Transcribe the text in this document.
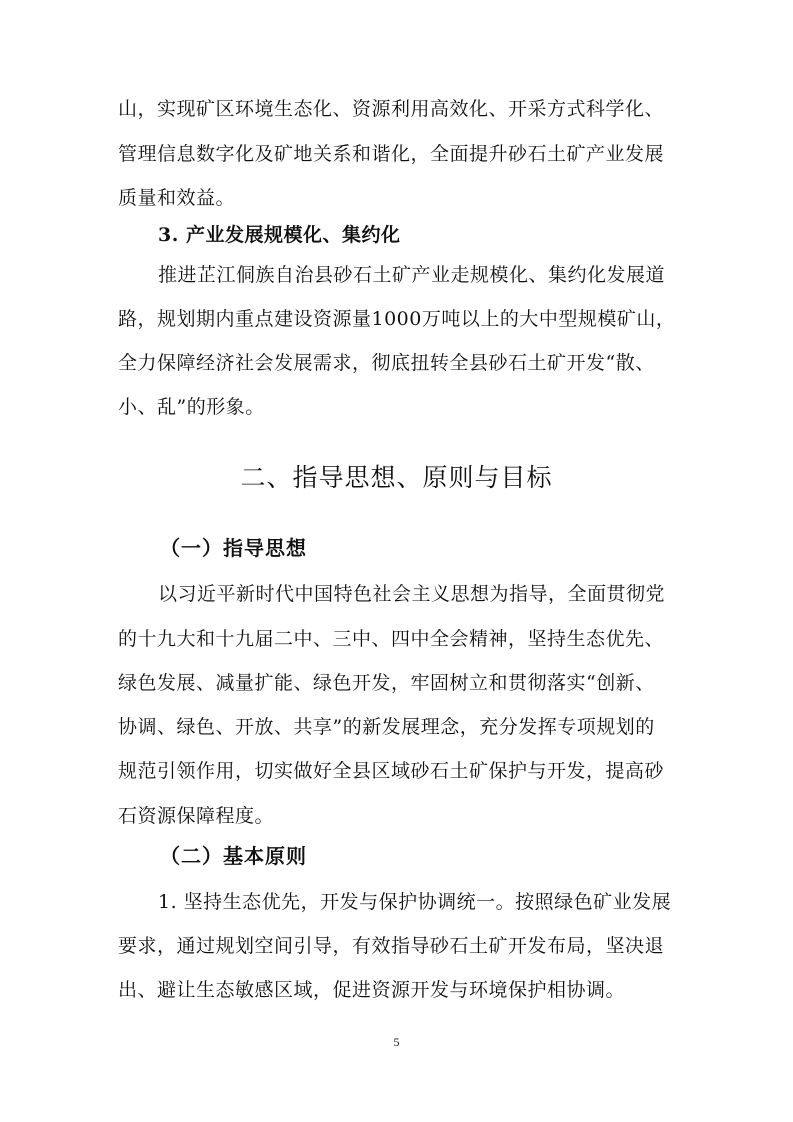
山，实现矿区环境生态化、资源利用高效化、开采方式科学化、
管理信息数字化及矿地关系和谐化，全面提升砂石土矿产业发展
质量和效益。
3. 产业发展规模化、集约化
推进芷江侗族自治县砂石土矿产业走规模化、集约化发展道
路，规划期内重点建设资源量1000万吨以上的大中型规模矿山，
全力保障经济社会发展需求，彻底扭转全县砂石土矿开发“散、
小、乱”的形象。
二、指导思想、原则与目标
（一）指导思想
以习近平新时代中国特色社会主义思想为指导，全面贯彻党
的十九大和十九届二中、三中、四中全会精神，坚持生态优先、
绿色发展、减量扩能、绿色开发，牢固树立和贯彻落实“创新、
协调、绿色、开放、共享”的新发展理念，充分发挥专项规划的
规范引领作用，切实做好全县区域砂石土矿保护与开发，提高砂
石资源保障程度。
（二）基本原则
1. 坚持生态优先，开发与保护协调统一。按照绿色矿业发展
要求，通过规划空间引导，有效指导砂石土矿开发布局，坚决退
出、避让生态敏感区域，促进资源开发与环境保护相协调。
5
